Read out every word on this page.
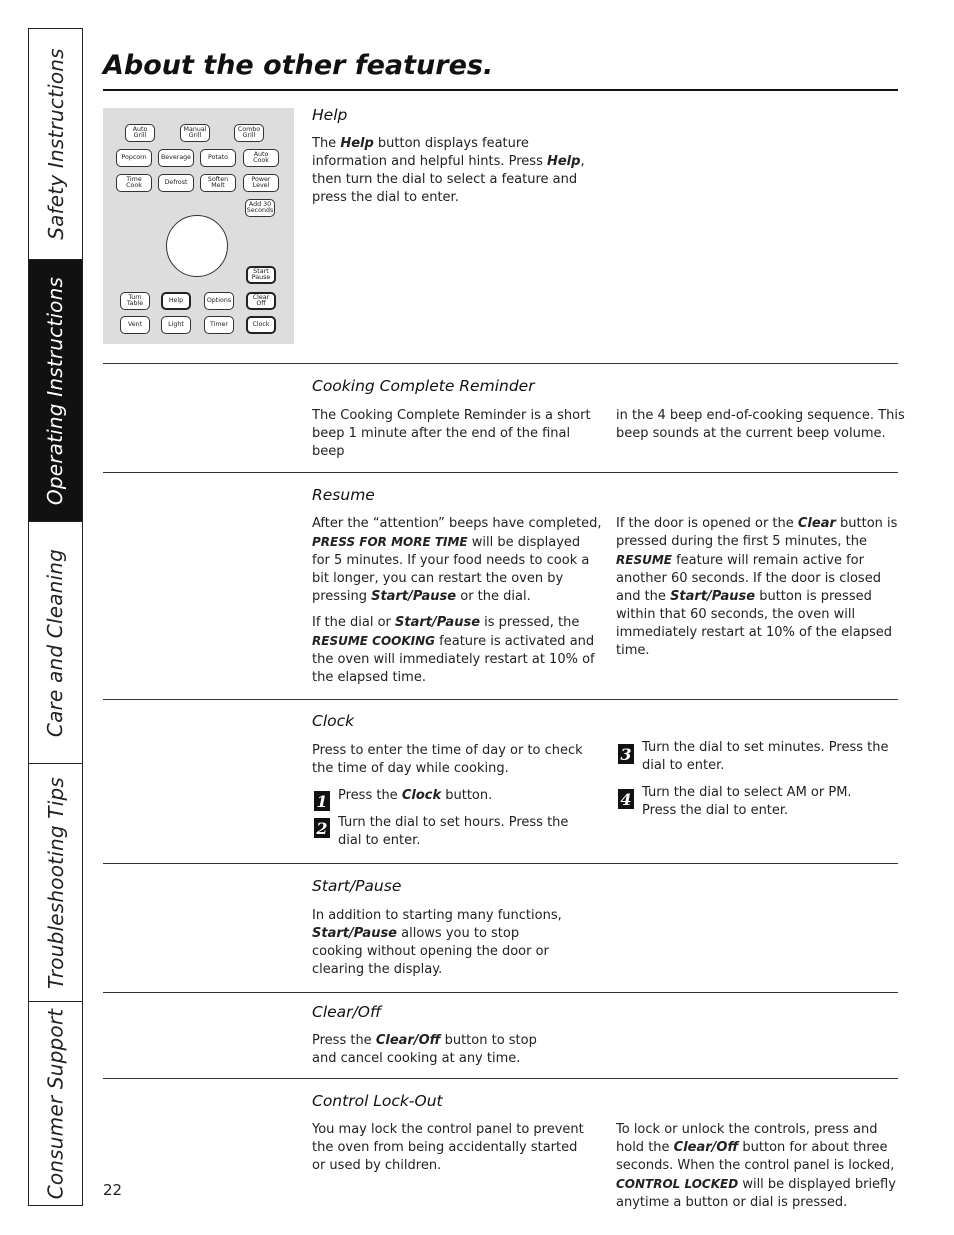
Safety Instructions
Operating Instructions
Care and Cleaning
Troubleshooting Tips
Consumer Support
About the other features.
Auto
Grill
Manual
Grill
Combo
Grill
Popcorn	Beverage	Potato	Auto
Cook
Time
Cook	Defrost	Soften
Melt
Power
Level
Add 30
Seconds
Start
Pause
Turn
Table	Help	Options	Clear
Off
Vent	Light	Timer	Clock
Help
The Help button displays feature information and helpful hints. Press Help, then turn the dial to select a feature and press the dial to enter.
Cooking Complete Reminder
The Cooking Complete Reminder is a short beep 1 minute after the end of the final beep
in the 4 beep end-of-cooking sequence. This beep sounds at the current beep volume.
Resume
After the “attention” beeps have completed, PRESS FOR MORE TIME will be displayed for 5 minutes. If your food needs to cook a bit longer, you can restart the oven by pressing Start/Pause or the dial.
If the dial or Start/Pause is pressed, the RESUME COOKING feature is activated and the oven will immediately restart at 10% of the elapsed time.
If the door is opened or the Clear button is pressed during the first 5 minutes, the RESUME feature will remain active for another 60 seconds. If the door is closed and the Start/Pause button is pressed within that 60 seconds, the oven will immediately restart at 10% of the elapsed time.
Clock
Press to enter the time of day or to check the time of day while cooking.
1 Press the Clock button.
2 Turn the dial to set hours. Press the dial to enter.
3 Turn the dial to set minutes. Press the dial to enter.
4 Turn the dial to select AM or PM. Press the dial to enter.
Start/Pause
In addition to starting many functions, Start/Pause allows you to stop cooking without opening the door or clearing the display.
Clear/Off
Press the Clear/Off button to stop and cancel cooking at any time.
Control Lock-Out
You may lock the control panel to prevent the oven from being accidentally started or used by children.
To lock or unlock the controls, press and hold the Clear/Off button for about three seconds. When the control panel is locked, CONTROL LOCKED will be displayed briefly anytime a button or dial is pressed.
22
